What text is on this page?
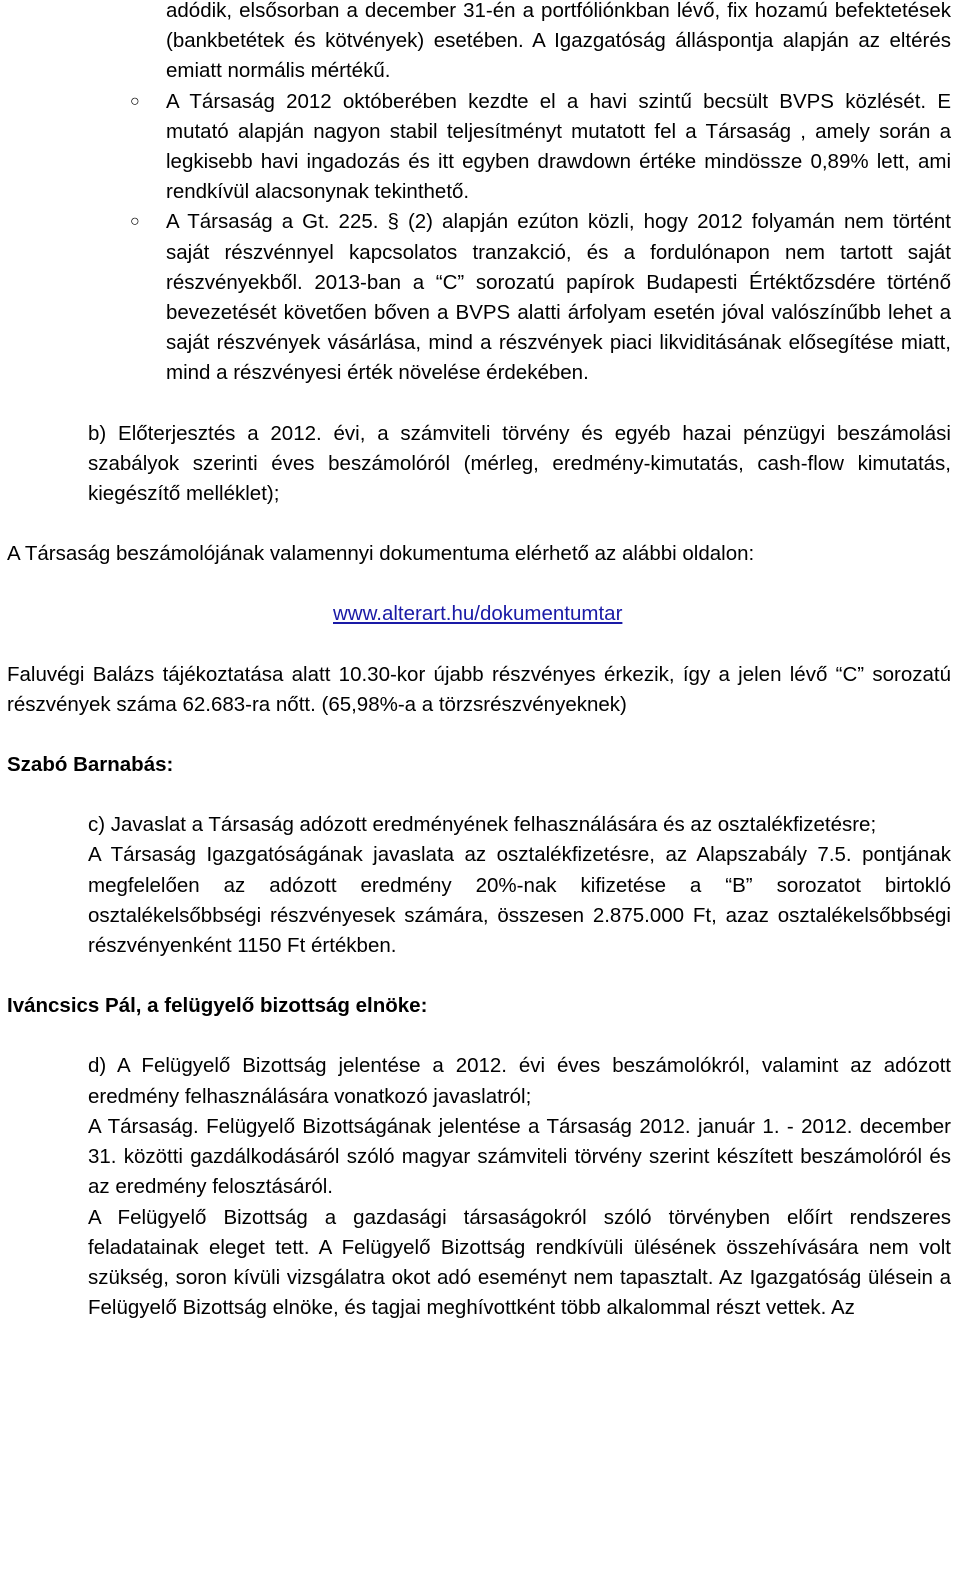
adódik, elsősorban a december 31-én a portfóliónkban lévő, fix hozamú befektetések (bankbetétek és kötvények) esetében. A Igazgatóság álláspontja alapján az eltérés emiatt normális mértékű.

○ A Társaság 2012 októberében kezdte el a havi szintű becsült BVPS közlését. E mutató alapján nagyon stabil teljesítményt mutatott fel a Társaság , amely során a legkisebb havi ingadozás és itt egyben drawdown értéke mindössze 0,89% lett, ami rendkívül alacsonynak tekinthető.

○ A Társaság a Gt. 225. § (2) alapján ezúton közli, hogy 2012 folyamán nem történt saját részvénnyel kapcsolatos tranzakció, és a fordulónapon nem tartott saját részvényekből. 2013-ban a “C” sorozatú papírok Budapesti Értéktőzsdére történő bevezetését követően bőven a BVPS alatti árfolyam esetén jóval valószínűbb lehet a saját részvények vásárlása, mind a részvények piaci likviditásának elősegítése miatt, mind a részvényesi érték növelése érdekében.

b) Előterjesztés a 2012. évi, a számviteli törvény és egyéb hazai pénzügyi beszámolási szabályok szerinti éves beszámolóról (mérleg, eredmény-kimutatás, cash-flow kimutatás, kiegészítő melléklet);

A Társaság beszámolójának valamennyi dokumentuma elérhető az alábbi oldalon:

www.alterart.hu/dokumentumtar

Faluvégi Balázs tájékoztatása alatt 10.30-kor újabb részvényes érkezik, így a jelen lévő “C” sorozatú részvények száma 62.683-ra nőtt. (65,98%-a a törzsrészvényeknek)

Szabó Barnabás:

c) Javaslat a Társaság adózott eredményének felhasználására és az osztalékfizetésre;

A Társaság Igazgatóságának javaslata az osztalékfizetésre, az Alapszabály 7.5. pontjának megfelelően az adózott eredmény 20%-nak kifizetése a “B” sorozatot birtokló osztalékelsőbbségi részvényesek számára, összesen 2.875.000 Ft, azaz osztalékelsőbbségi részvényenként 1150 Ft értékben.

Iváncsics Pál, a felügyelő bizottság elnöke:

d) A Felügyelő Bizottság jelentése a 2012. évi éves beszámolókról, valamint az adózott eredmény felhasználására vonatkozó javaslatról;

A Társaság. Felügyelő Bizottságának jelentése a Társaság 2012. január 1. - 2012. december 31. közötti gazdálkodásáról szóló magyar számviteli törvény szerint készített beszámolóról és az eredmény felosztásáról.

A Felügyelő Bizottság a gazdasági társaságokról szóló törvényben előírt rendszeres feladatainak eleget tett. A Felügyelő Bizottság rendkívüli ülésének összehívására nem volt szükség, soron kívüli vizsgálatra okot adó eseményt nem tapasztalt. Az Igazgatóság ülésein a Felügyelő Bizottság elnöke, és tagjai meghívottként több alkalommal részt vettek. Az
